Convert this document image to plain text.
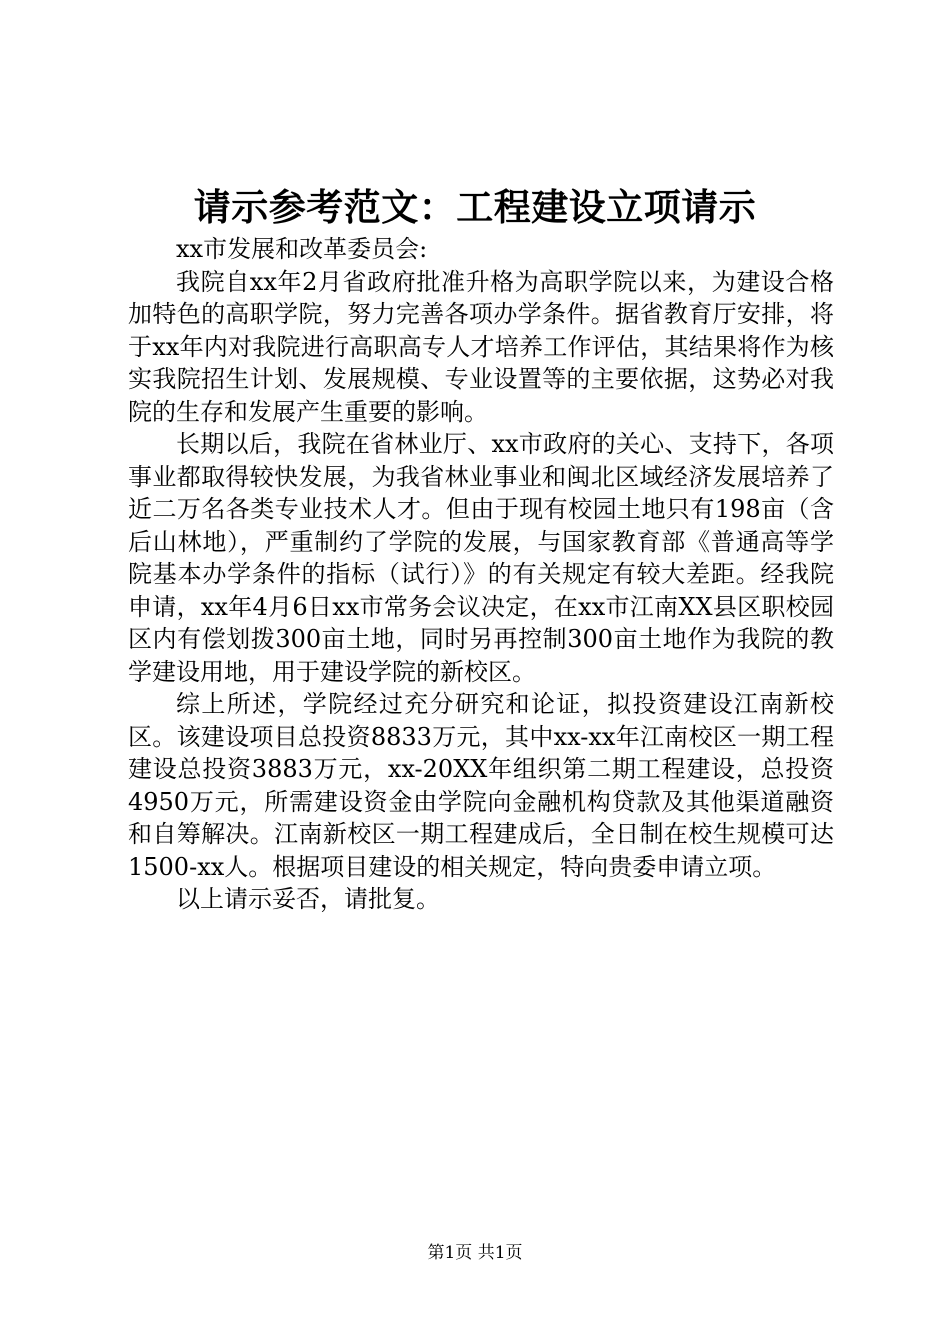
请示参考范文：工程建设立项请示

xx市发展和改革委员会:

我院自xx年2月省政府批准升格为高职学院以来，为建设合格加特色的高职学院，努力完善各项办学条件。据省教育厅安排，将于xx年内对我院进行高职高专人才培养工作评估，其结果将作为核实我院招生计划、发展规模、专业设置等的主要依据，这势必对我院的生存和发展产生重要的影响。

长期以后，我院在省林业厅、xx市政府的关心、支持下，各项事业都取得较快发展，为我省林业事业和闽北区域经济发展培养了近二万名各类专业技术人才。但由于现有校园土地只有198亩（含后山林地），严重制约了学院的发展，与国家教育部《普通高等学院基本办学条件的指标（试行）》的有关规定有较大差距。经我院申请，xx年4月6日xx市常务会议决定，在xx市江南XX县区职校园区内有偿划拨300亩土地，同时另再控制300亩土地作为我院的教学建设用地，用于建设学院的新校区。

综上所述，学院经过充分研究和论证，拟投资建设江南新校区。该建设项目总投资8833万元，其中xx-xx年江南校区一期工程建设总投资3883万元，xx-20XX年组织第二期工程建设，总投资4950万元，所需建设资金由学院向金融机构贷款及其他渠道融资和自筹解决。江南新校区一期工程建成后，全日制在校生规模可达1500-xx人。根据项目建设的相关规定，特向贵委申请立项。

以上请示妥否，请批复。

第1页 共1页
